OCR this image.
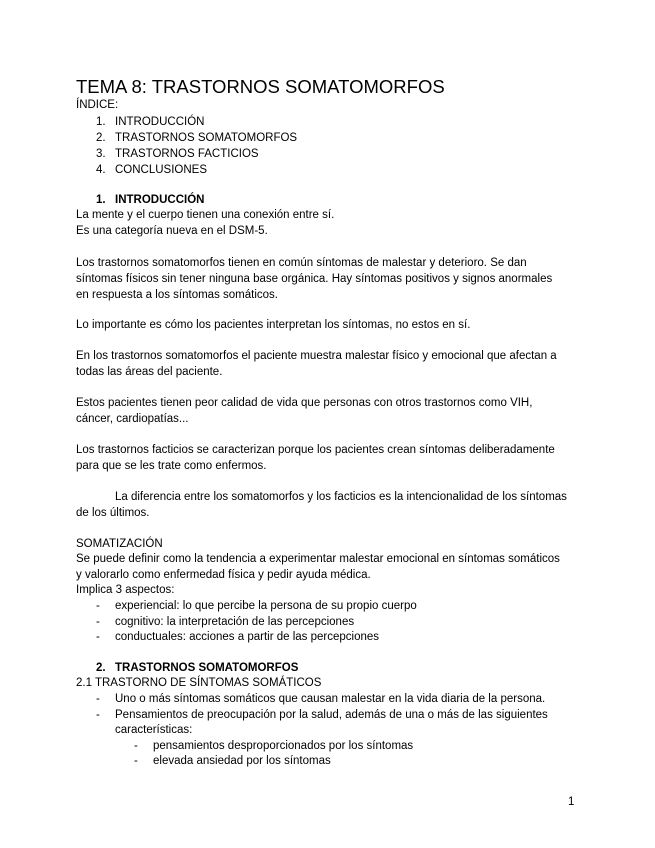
TEMA 8: TRASTORNOS SOMATOMORFOS
ÍNDICE:
1. INTRODUCCIÓN
2. TRASTORNOS SOMATOMORFOS
3. TRASTORNOS FACTICIOS
4. CONCLUSIONES
1. INTRODUCCIÓN
La mente y el cuerpo tienen una conexión entre sí.
Es una categoría nueva en el DSM-5.
Los trastornos somatomorfos tienen en común síntomas de malestar y deterioro. Se dan
síntomas físicos sin tener ninguna base orgánica. Hay síntomas positivos y signos anormales
en respuesta a los síntomas somáticos.
Lo importante es cómo los pacientes interpretan los síntomas, no estos en sí.
En los trastornos somatomorfos el paciente muestra malestar físico y emocional que afectan a
todas las áreas del paciente.
Estos pacientes tienen peor calidad de vida que personas con otros trastornos como VIH,
cáncer, cardiopatías...
Los trastornos facticios se caracterizan porque los pacientes crean síntomas deliberadamente
para que se les trate como enfermos.
La diferencia entre los somatomorfos y los facticios es la intencionalidad de los síntomas
de los últimos.
SOMATIZACIÓN
Se puede definir como la tendencia a experimentar malestar emocional en síntomas somáticos
y valorarlo como enfermedad física y pedir ayuda médica.
Implica 3 aspectos:
- experiencial: lo que percibe la persona de su propio cuerpo
- cognitivo: la interpretación de las percepciones
- conductuales: acciones a partir de las percepciones
2. TRASTORNOS SOMATOMORFOS
2.1 TRASTORNO DE SÍNTOMAS SOMÁTICOS
- Uno o más síntomas somáticos que causan malestar en la vida diaria de la persona.
- Pensamientos de preocupación por la salud, además de una o más de las siguientes
características:
- pensamientos desproporcionados por los síntomas
- elevada ansiedad por los síntomas
1
